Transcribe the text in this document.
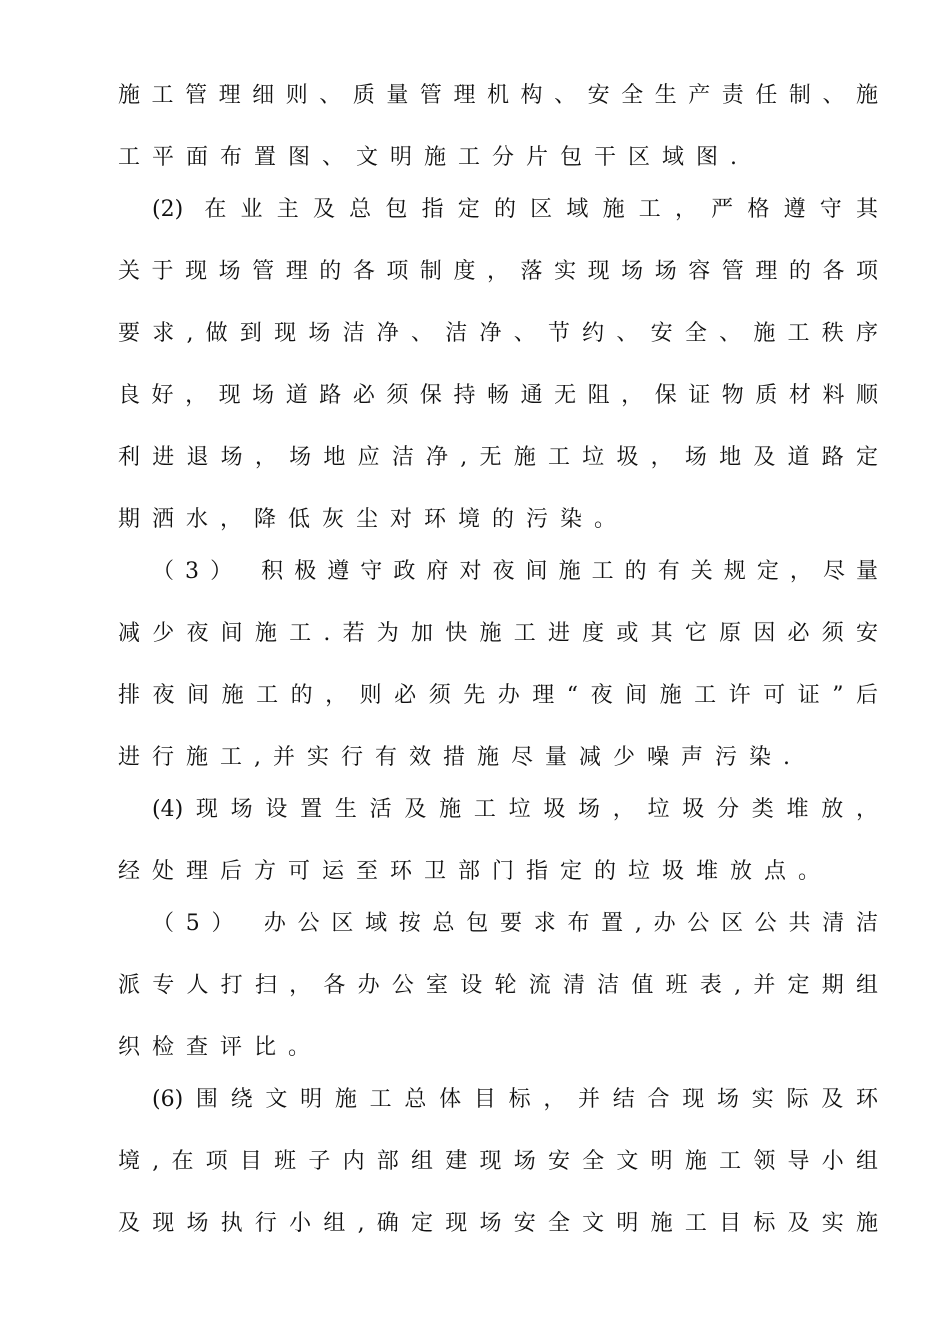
施工管理细则、质量管理机构、安全生产责任制、施
工平面布置图、文明施工分片包干区域图.
(2) 在业主及总包指定的区域施工，严格遵守其
关于现场管理的各项制度，落实现场场容管理的各项
要求,做到现场洁净、洁净、节约、安全、施工秩序
良好，现场道路必须保持畅通无阻，保证物质材料顺
利进退场，场地应洁净,无施工垃圾，场地及道路定
期洒水，降低灰尘对环境的污染。
（3） 积极遵守政府对夜间施工的有关规定，尽量
减少夜间施工.若为加快施工进度或其它原因必须安
排夜间施工的，则必须先办理“夜间施工许可证”后
进行施工,并实行有效措施尽量减少噪声污染.
(4)现场设置生活及施工垃圾场，垃圾分类堆放，
经处理后方可运至环卫部门指定的垃圾堆放点。
（5） 办公区域按总包要求布置,办公区公共清洁
派专人打扫，各办公室设轮流清洁值班表,并定期组
织检查评比。
(6)围绕文明施工总体目标，并结合现场实际及环
境,在项目班子内部组建现场安全文明施工领导小组
及现场执行小组,确定现场安全文明施工目标及实施
